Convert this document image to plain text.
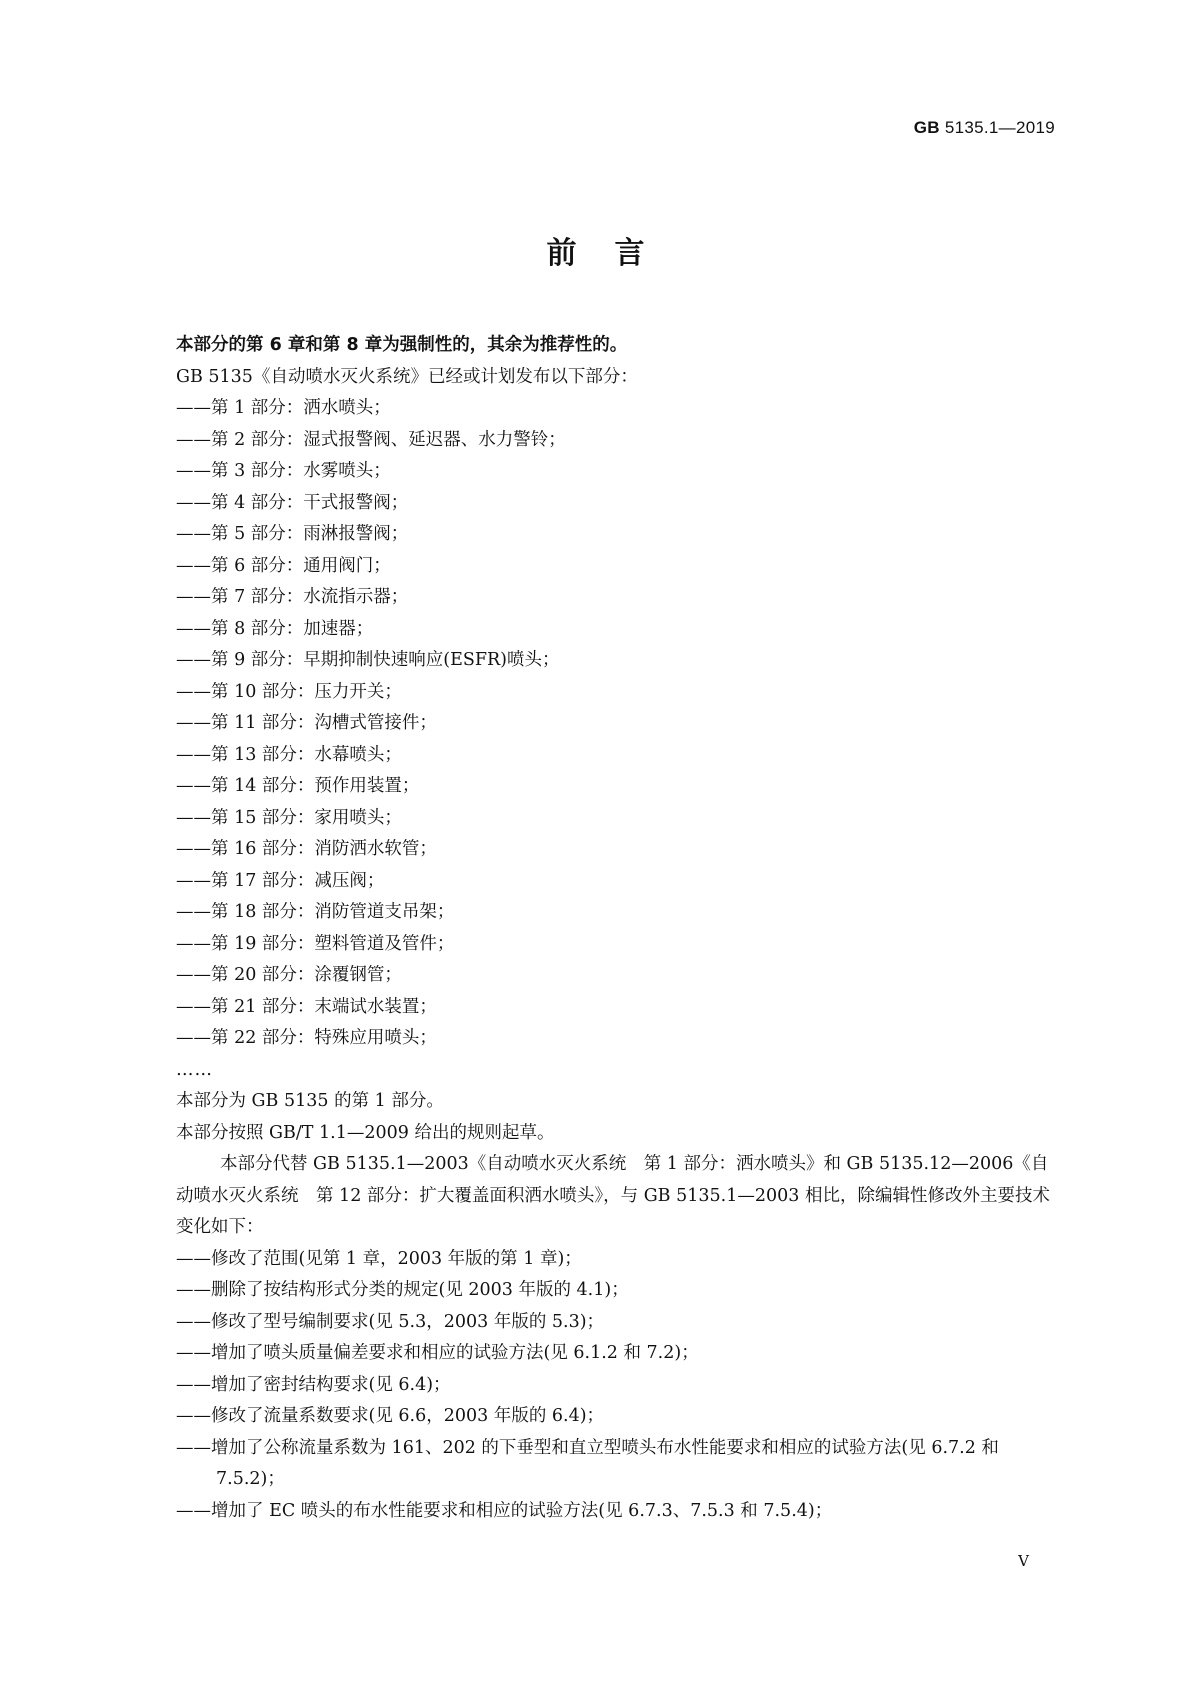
GB 5135.1—2019
前言

本部分的第 6 章和第 8 章为强制性的，其余为推荐性的。

GB 5135《自动喷水灭火系统》已经或计划发布以下部分：

——第 1 部分：洒水喷头；

——第 2 部分：湿式报警阀、延迟器、水力警铃；

——第 3 部分：水雾喷头；

——第 4 部分：干式报警阀；

——第 5 部分：雨淋报警阀；

——第 6 部分：通用阀门；

——第 7 部分：水流指示器；

——第 8 部分：加速器；

——第 9 部分：早期抑制快速响应(ESFR)喷头；

——第 10 部分：压力开关；

——第 11 部分：沟槽式管接件；

——第 13 部分：水幕喷头；

——第 14 部分：预作用装置；

——第 15 部分：家用喷头；

——第 16 部分：消防洒水软管；

——第 17 部分：减压阀；

——第 18 部分：消防管道支吊架；

——第 19 部分：塑料管道及管件；

——第 20 部分：涂覆钢管；

——第 21 部分：末端试水装置；

——第 22 部分：特殊应用喷头；

……

本部分为 GB 5135 的第 1 部分。

本部分按照 GB/T 1.1—2009 给出的规则起草。

本部分代替 GB 5135.1—2003《自动喷水灭火系统　第 1 部分：洒水喷头》和 GB 5135.12—2006《自动喷水灭火系统　第 12 部分：扩大覆盖面积洒水喷头》，与 GB 5135.1—2003 相比，除编辑性修改外主要技术变化如下：

——修改了范围(见第 1 章，2003 年版的第 1 章)；

——删除了按结构形式分类的规定(见 2003 年版的 4.1)；

——修改了型号编制要求(见 5.3，2003 年版的 5.3)；

——增加了喷头质量偏差要求和相应的试验方法(见 6.1.2 和 7.2)；

——增加了密封结构要求(见 6.4)；

——修改了流量系数要求(见 6.6，2003 年版的 6.4)；

——增加了公称流量系数为 161、202 的下垂型和直立型喷头布水性能要求和相应的试验方法(见 6.7.2 和 7.5.2)；

——增加了 EC 喷头的布水性能要求和相应的试验方法(见 6.7.3、7.5.3 和 7.5.4)；

V
